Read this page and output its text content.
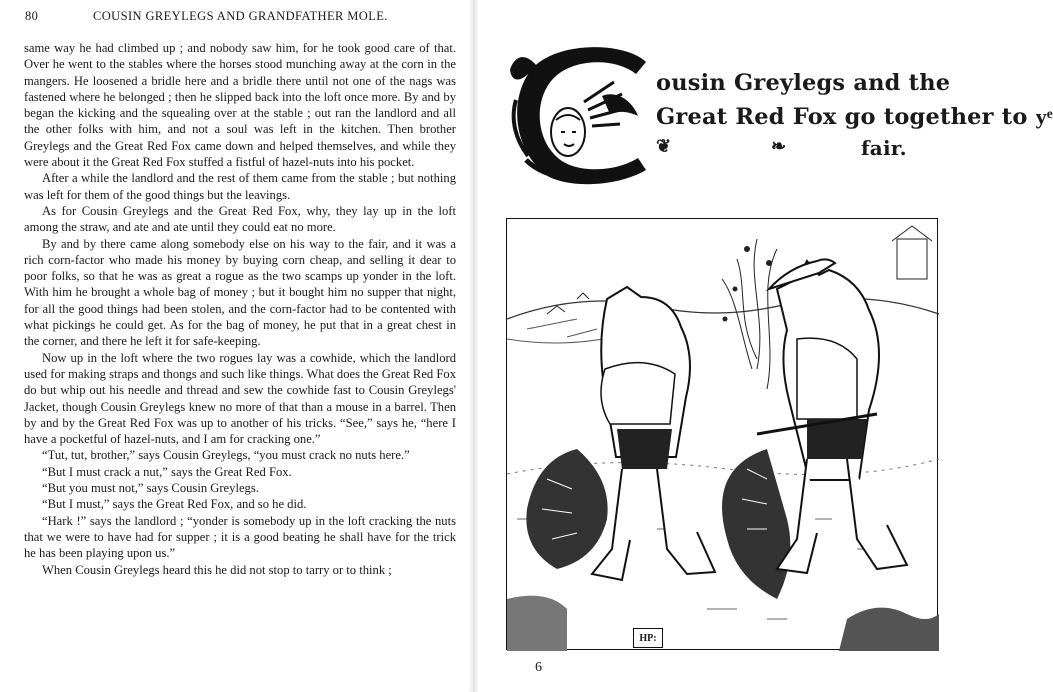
80	COUSIN GREYLEGS AND GRANDFATHER MOLE.

same way he had climbed up ; and nobody saw him, for he took good care of that. Over he went to the stables where the horses stood munching away at the corn in the mangers. He loosened a bridle here and a bridle there until not one of the nags was fastened where he belonged ; then he slipped back into the loft once more. By and by began the kicking and the squealing over at the stable ; out ran the landlord and all the other folks with him, and not a soul was left in the kitchen. Then brother Greylegs and the Great Red Fox came down and helped themselves, and while they were about it the Great Red Fox stuffed a fistful of hazel-nuts into his pocket.

After a while the landlord and the rest of them came from the stable ; but nothing was left for them of the good things but the leavings.

As for Cousin Greylegs and the Great Red Fox, why, they lay up in the loft among the straw, and ate and ate until they could eat no more.

By and by there came along somebody else on his way to the fair, and it was a rich corn-factor who made his money by buying corn cheap, and selling it dear to poor folks, so that he was as great a rogue as the two scamps up yonder in the loft. With him he brought a whole bag of money ; but it bought him no supper that night, for all the good things had been stolen, and the corn-factor had to be contented with what pickings he could get. As for the bag of money, he put that in a great chest in the corner, and there he left it for safe-keeping.

Now up in the loft where the two rogues lay was a cowhide, which the landlord used for making straps and thongs and such like things. What does the Great Red Fox do but whip out his needle and thread and sew the cowhide fast to Cousin Greylegs' Jacket, though Cousin Greylegs knew no more of that than a mouse in a barrel. Then by and by the Great Red Fox was up to another of his tricks. “See,” says he, “here I have a pocketful of hazel-nuts, and I am for cracking one.”

“Tut, tut, brother,” says Cousin Greylegs, “you must crack no nuts here.”

“But I must crack a nut,” says the Great Red Fox.

“But you must not,” says Cousin Greylegs.

“But I must,” says the Great Red Fox, and so he did.

“Hark !” says the landlord ; “yonder is somebody up in the loft cracking the nuts that we were to have had for supper ; it is a good beating he shall have for the trick he has been playing upon us.”

When Cousin Greylegs heard this he did not stop to tarry or to think ;

ousin Greylegs and the
Great Red Fox go together to yͤ
❦	❧	fair.
HP:
6
